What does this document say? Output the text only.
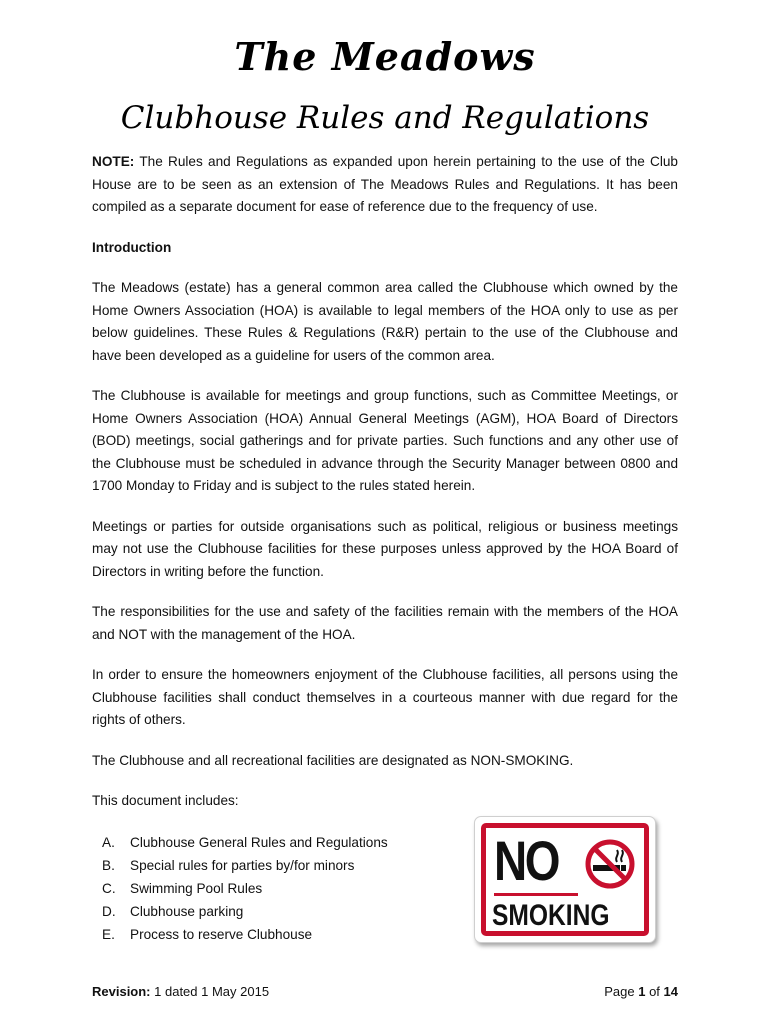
The Meadows
Clubhouse Rules and Regulations

NOTE: The Rules and Regulations as expanded upon herein pertaining to the use of the Club House are to be seen as an extension of The Meadows Rules and Regulations. It has been compiled as a separate document for ease of reference due to the frequency of use.

Introduction

The Meadows (estate) has a general common area called the Clubhouse which owned by the Home Owners Association (HOA) is available to legal members of the HOA only to use as per below guidelines. These Rules & Regulations (R&R) pertain to the use of the Clubhouse and have been developed as a guideline for users of the common area.

The Clubhouse is available for meetings and group functions, such as Committee Meetings, or Home Owners Association (HOA) Annual General Meetings (AGM), HOA Board of Directors (BOD) meetings, social gatherings and for private parties. Such functions and any other use of the Clubhouse must be scheduled in advance through the Security Manager between 0800 and 1700 Monday to Friday and is subject to the rules stated herein.

Meetings or parties for outside organisations such as political, religious or business meetings may not use the Clubhouse facilities for these purposes unless approved by the HOA Board of Directors in writing before the function.

The responsibilities for the use and safety of the facilities remain with the members of the HOA and NOT with the management of the HOA.

In order to ensure the homeowners enjoyment of the Clubhouse facilities, all persons using the Clubhouse facilities shall conduct themselves in a courteous manner with due regard for the rights of others.

The Clubhouse and all recreational facilities are designated as NON-SMOKING.

This document includes:

A.	Clubhouse General Rules and Regulations
B.	Special rules for parties by/for minors
C.	Swimming Pool Rules
D.	Clubhouse parking
E.	Process to reserve Clubhouse
NO
SMOKING
Revision: 1 dated 1 May 2015	Page 1 of 14
